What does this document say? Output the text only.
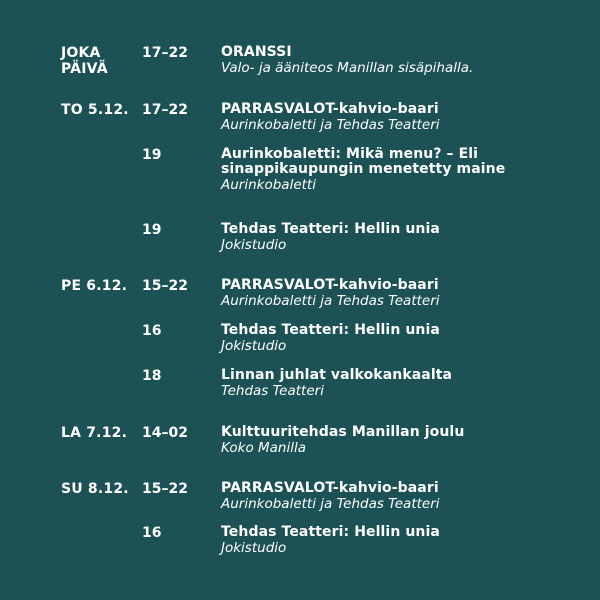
JOKA PÄIVÄ
17–22	ORANSSI
Valo- ja ääniteos Manillan sisäpihalla.
TO 5.12. 17–22	PARRASVALOT-kahvio-baari
Aurinkobaletti ja Tehdas Teatteri
19	Aurinkobaletti: Mikä menu? – Eli sinappikaupungin menetetty maine
Aurinkobaletti
19	Tehdas Teatteri: Hellin unia
Jokistudio
PE 6.12.	15–22	PARRASVALOT-kahvio-baari
Aurinkobaletti ja Tehdas Teatteri
16	Tehdas Teatteri: Hellin unia
Jokistudio
18	Linnan juhlat valkokankaalta
Tehdas Teatteri
LA 7.12.	14–02	Kulttuuritehdas Manillan joulu
Koko Manilla
SU 8.12. 15–22	PARRASVALOT-kahvio-baari
Aurinkobaletti ja Tehdas Teatteri
16	Tehdas Teatteri: Hellin unia
Jokistudio
